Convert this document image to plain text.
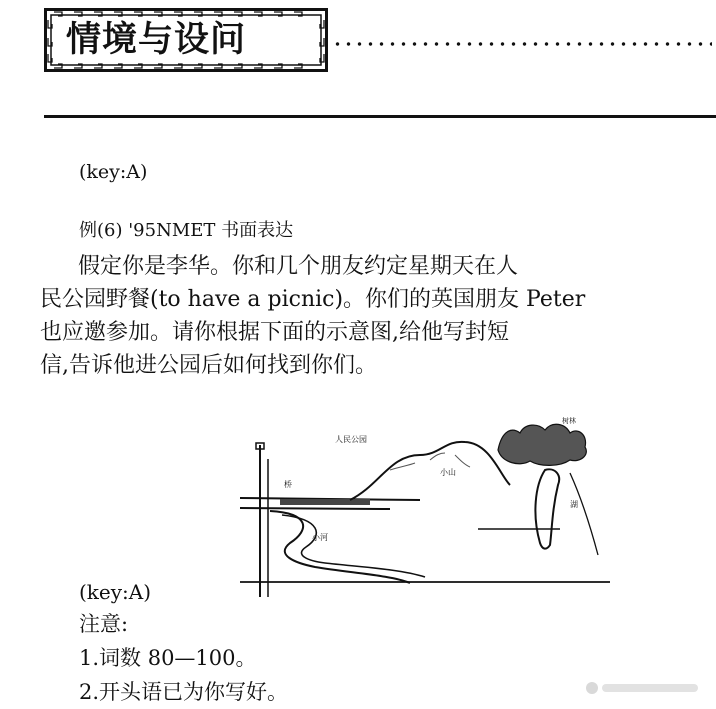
情境与设问
(key:A)
例(6) '95NMET 书面表达
假定你是李华。你和几个朋友约定星期天在人
民公园野餐(to have a picnic)。你们的英国朋友 Peter
也应邀参加。请你根据下面的示意图,给他写封短
信,告诉他进公园后如何找到你们。
桥
小河
小山
树林
湖
人民公园
(key:A)
注意:
1.词数 80—100。
2.开头语已为你写好。
